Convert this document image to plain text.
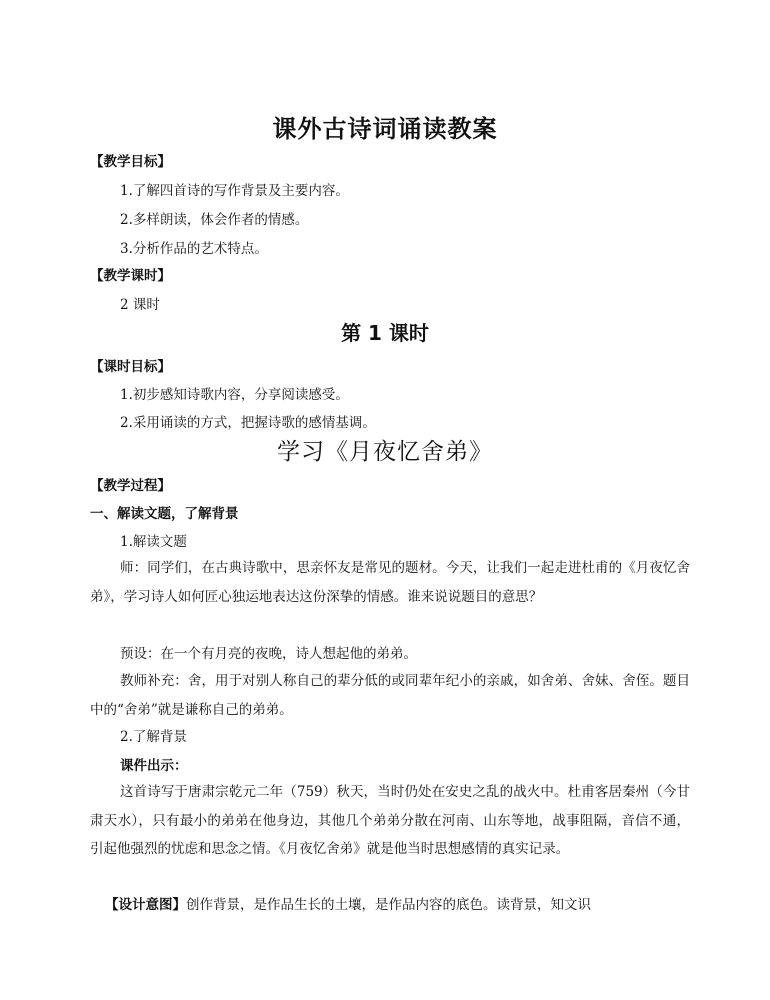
课外古诗词诵读教案
【教学目标】
1.了解四首诗的写作背景及主要内容。
2.多样朗读，体会作者的情感。
3.分析作品的艺术特点。
【教学课时】
2 课时
第 1 课时
【课时目标】
1.初步感知诗歌内容，分享阅读感受。
2.采用诵读的方式，把握诗歌的感情基调。
学习《月夜忆舍弟》
【教学过程】
一、解读文题，了解背景
1.解读文题
师：同学们，在古典诗歌中，思亲怀友是常见的题材。今天，让我们一起走进杜甫的《月夜忆舍弟》，学习诗人如何匠心独运地表达这份深挚的情感。谁来说说题目的意思？
预设：在一个有月亮的夜晚，诗人想起他的弟弟。
教师补充：舍，用于对别人称自己的辈分低的或同辈年纪小的亲戚，如舍弟、舍妹、舍侄。题目中的“舍弟”就是谦称自己的弟弟。
2.了解背景
课件出示：
这首诗写于唐肃宗乾元二年（759）秋天，当时仍处在安史之乱的战火中。杜甫客居秦州（今甘肃天水），只有最小的弟弟在他身边，其他几个弟弟分散在河南、山东等地，战事阻隔，音信不通，引起他强烈的忧虑和思念之情。《月夜忆舍弟》就是他当时思想感情的真实记录。
【设计意图】创作背景，是作品生长的土壤，是作品内容的底色。读背景，知文识
